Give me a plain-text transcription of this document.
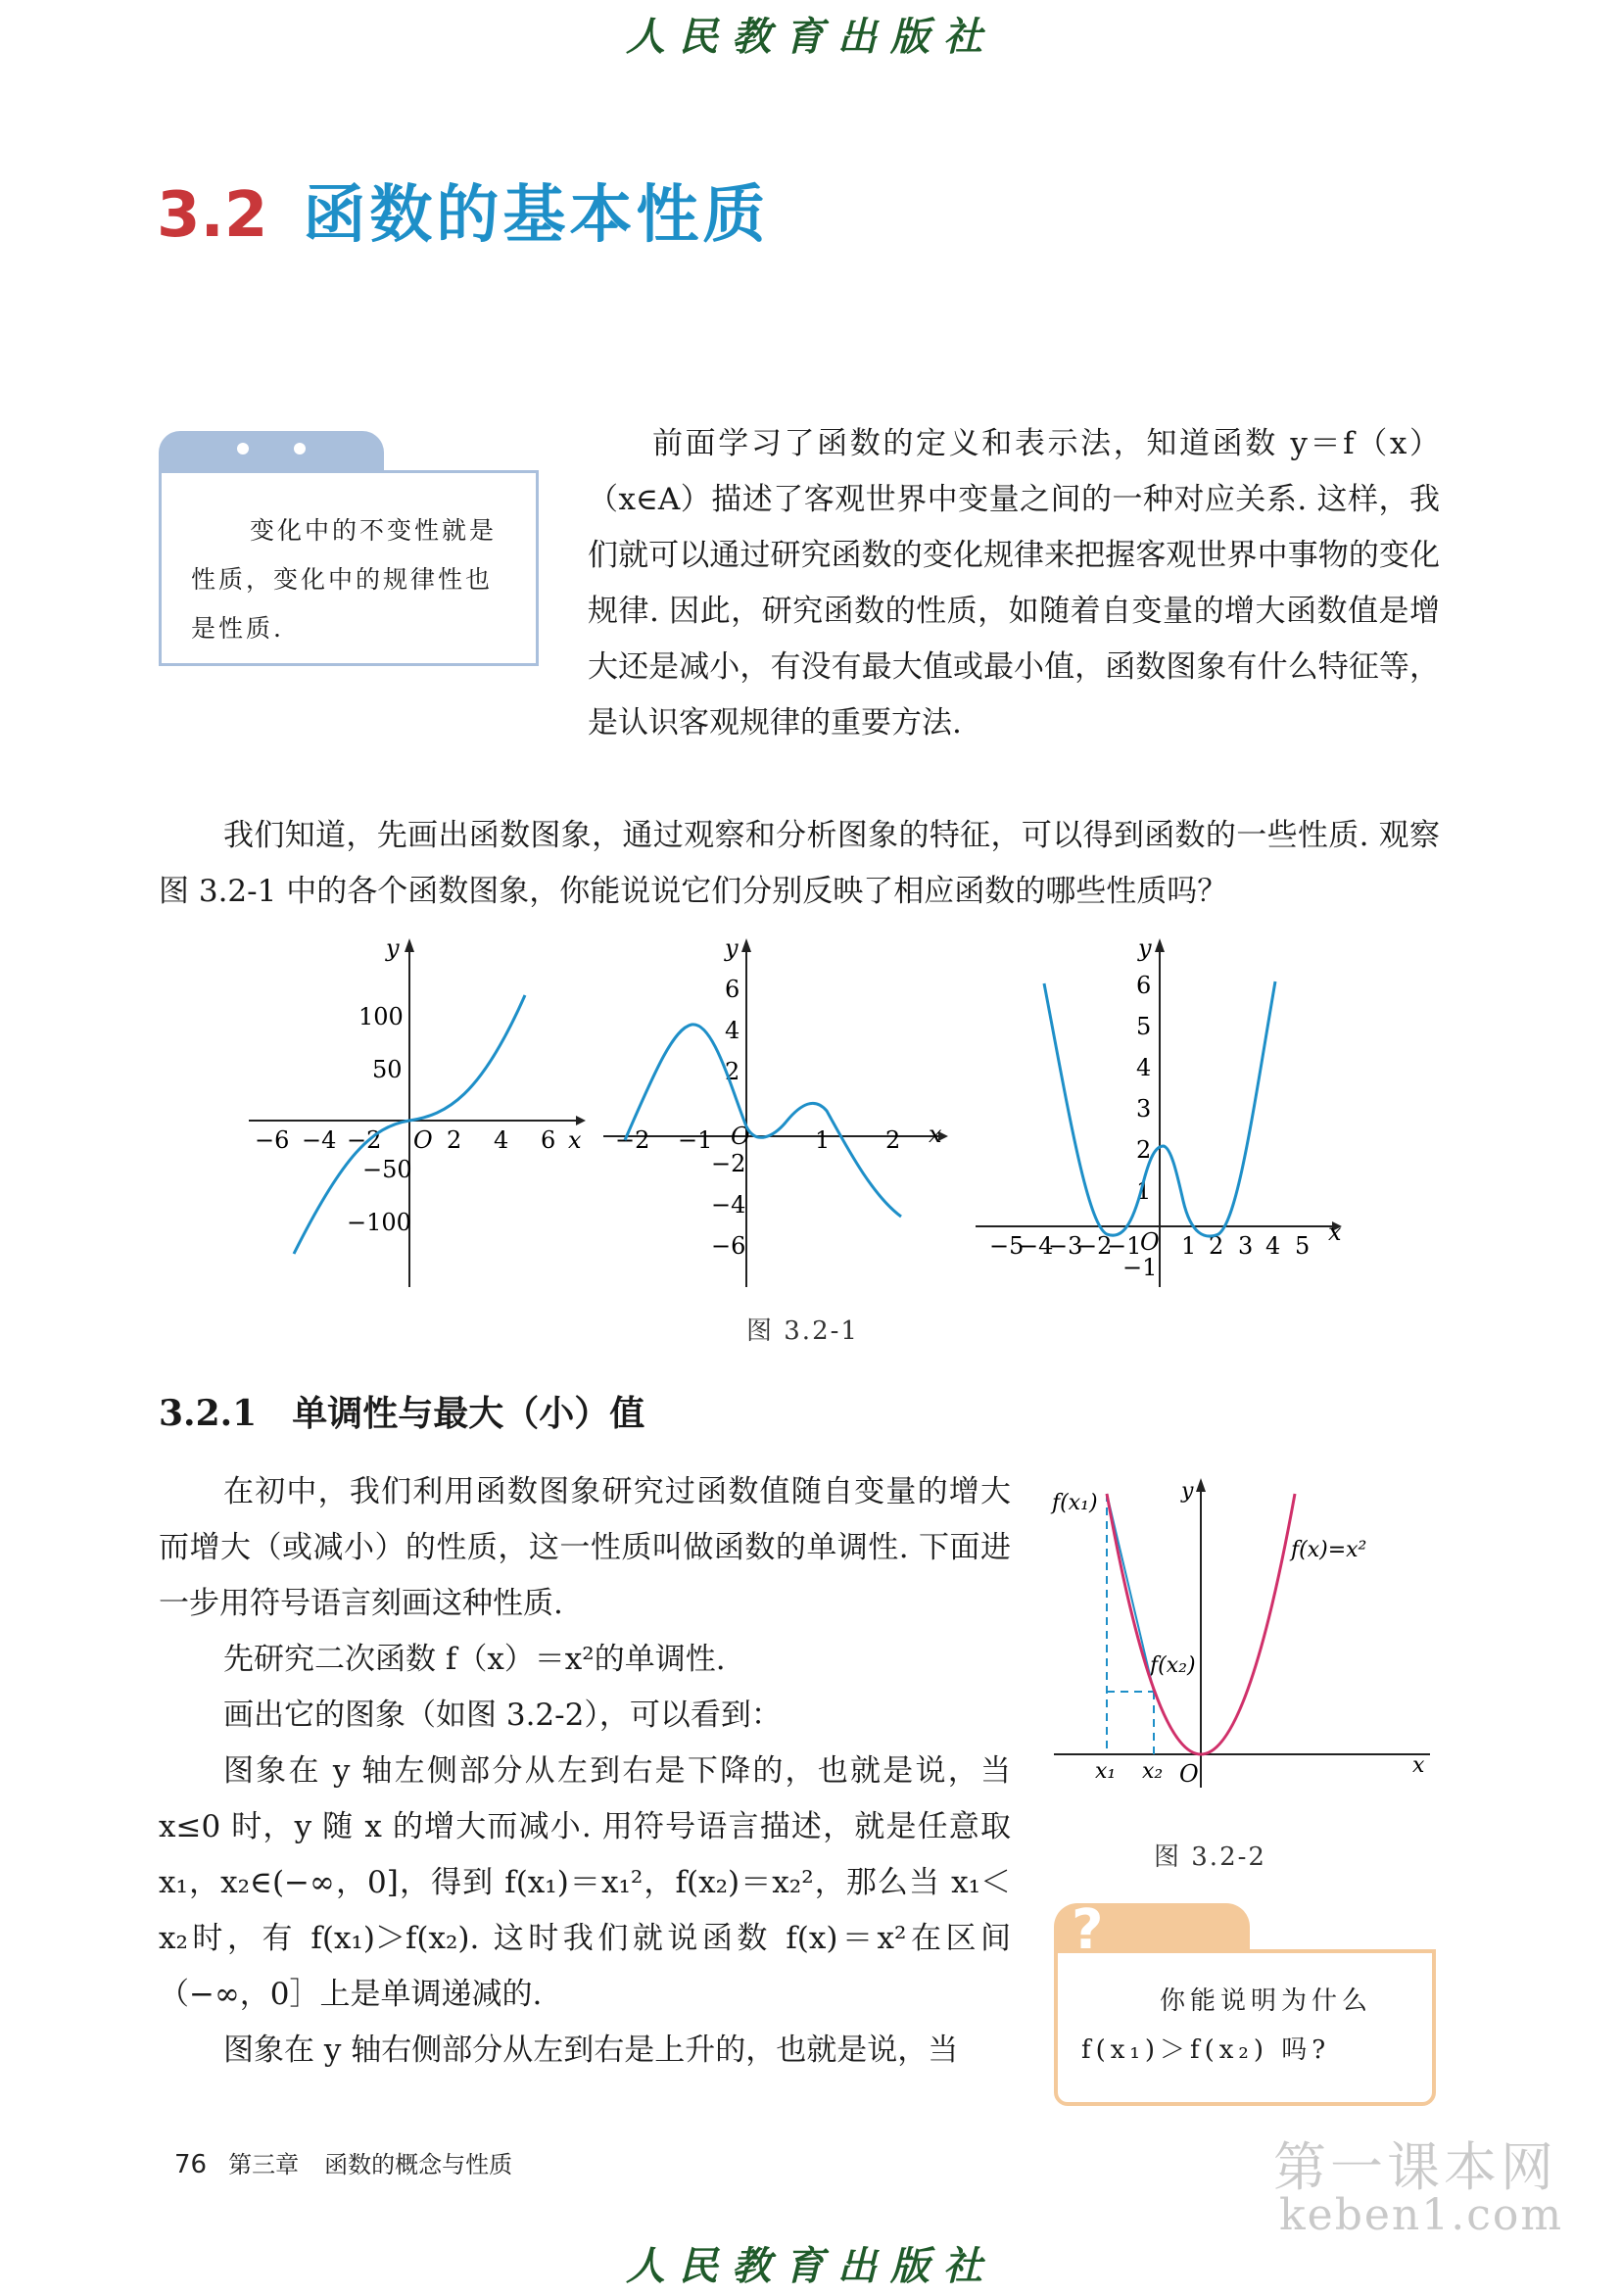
人民教育出版社
3.2 函数的基本性质
变化中的不变性就是性质，变化中的规律性也是性质.

前面学习了函数的定义和表示法，知道函数 y＝f（x）（x∈A）描述了客观世界中变量之间的一种对应关系. 这样，我们就可以通过研究函数的变化规律来把握客观世界中事物的变化规律. 因此，研究函数的性质，如随着自变量的增大函数值是增大还是减小，有没有最大值或最小值，函数图象有什么特征等，是认识客观规律的重要方法.

我们知道，先画出函数图象，通过观察和分析图象的特征，可以得到函数的一些性质. 观察图 3.2-1 中的各个函数图象，你能说说它们分别反映了相应函数的哪些性质吗？

y
x
O
−6 −4 −2	2 4 6
100
50
−50
−100
y
x
O
−2 −1	1 2
6
4
2
−2
−4
−6
y
x
O
−5
−4
−3
−2
−1 1 2 3 4 5
6
5
4
3
2
1
−1
图 3.2-1
3.2.1 单调性与最大（小）值

在初中，我们利用函数图象研究过函数值随自变量的增大而增大（或减小）的性质，这一性质叫做函数的单调性. 下面进一步用符号语言刻画这种性质.

先研究二次函数 f（x）＝x²的单调性.

画出它的图象（如图 3.2-2），可以看到：

图象在 y 轴左侧部分从左到右是下降的，也就是说，当 x≤0 时，y 随 x 的增大而减小. 用符号语言描述，就是任意取 x₁，x₂∈(−∞，0]，得到 f(x₁)＝x₁²，f(x₂)＝x₂²，那么当 x₁＜x₂时，有 f(x₁)＞f(x₂). 这时我们就说函数 f(x)＝x²在区间（−∞，0］上是单调递减的.

图象在 y 轴右侧部分从左到右是上升的，也就是说，当

y
x
O
x₁ x₂
f(x₁)
f(x₂)
f(x)=x²
图 3.2-2
?
你能说明为什么 f(x₁)＞f(x₂) 吗?
76 第三章 函数的概念与性质	第一课本网
keben1.com
人民教育出版社
